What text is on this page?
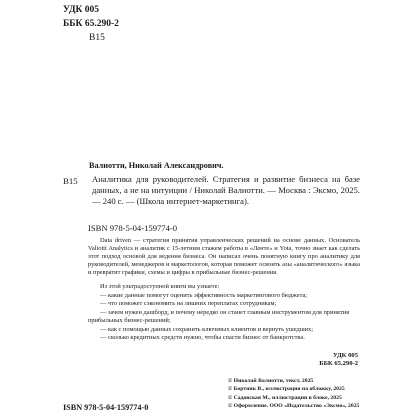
УДК 005
ББК 65.290-2
В15
Валиотти, Николай Александрович.
В15 Аналитика для руководителей. Стратегия и развитие бизнеса на базе данных, а не на интуиции / Николай Валиотти. — Москва : Эксмо, 2025. — 240 с. — (Школа интернет-маркетинга).

ISBN 978-5-04-159774-0

Data driven — стратегия принятия управленческих решений на основе данных. Основатель Valiotti Analytics и аналитик с 15-летним стажем работы в «Ленте» и Yota, точно знает как сделать этот подход основой для ведения бизнеса. Он написал очень понятную книгу про аналитику для руководителей, менеджеров и маркетологов, которая поможет освоить азы «аналитического» языка и превратит графики, схемы и цифры в прибыльные бизнес-решения.

Из этой ультрадоступной книги вы узнаете:
— какие данные помогут оценить эффективность маркетингового бюджета;
— что поможет сэкономить на лишних переплатах сотрудникам;
— зачем нужен дашборд, и почему нередко он станет главным инструментом для принятия прибыльных бизнес-решений;
— как с помощью данных сохранить ключевых клиентов и вернуть ушедших;
— сколько кредитных средств нужно, чтобы спасти бизнес от банкротства.
УДК 005
ББК 65.290-2
© Николай Валиотти, текст, 2025
© Бортник В., иллюстрация на обложку, 2025
© Садовская М., иллюстрации в блоке, 2025
© Оформление. ООО «Издательство «Эксмо», 2025
ISBN 978-5-04-159774-0
